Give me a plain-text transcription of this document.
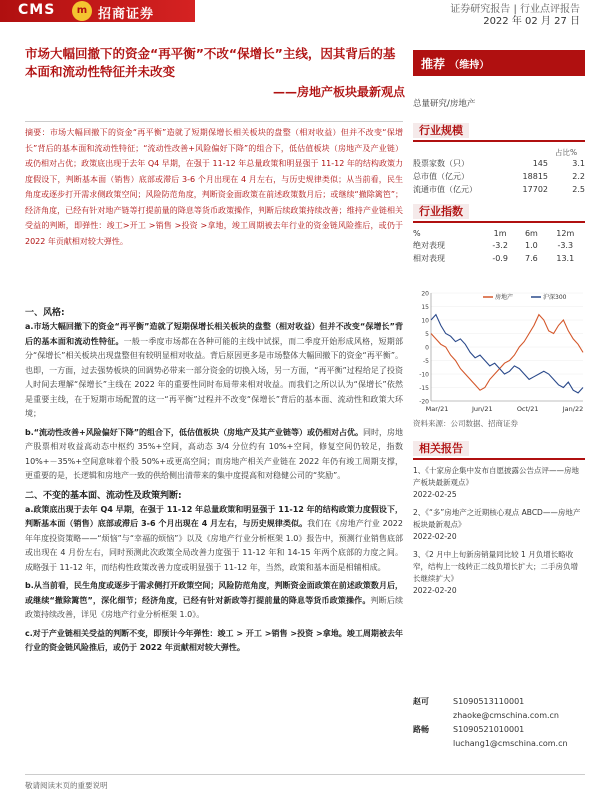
CMS	m 招商证券	证券研究报告 | 行业点评报告
2022 年 02 月 27 日
市场大幅回撤下的资金“再平衡”不改“保增长”主线，因其背后的基本面和流动性特征并未改变
——房地产板块最新观点
推荐 （维持）
总量研究/房地产

摘要：市场大幅回撤下的资金“再平衡”造就了短期保增长相关板块的盘整（相对收益）但并不改变“保增长”背后的基本面和流动性特征；“流动性改善+风险偏好下降”的组合下，低估值板块（房地产及产业链）或仍相对占优；政策底出现于去年 Q4 早期，在强于 11-12 年总量政策和明显强于 11-12 年的结构政策力度假设下，判断基本面（销售）底部或滞后 3-6 个月出现在 4 月左右，与历史规律类似；从当前看，民生角度或逐步打开需求侧政策空间；风险防范角度，判断资金面政策在前述政策数月后；或继续“撤除篱笆”；经济角度，已经有针对地产链等打提前量的降息等货币政策操作，判断后续政策持续改善；维持产业链相关受益的判断，即弹性：竣工>开工 >销售 >投资 >拿地，竣工周期被去年行业的资金链风险推后，或仍于 2022 年贡献相对较大弹性。

一、风格:

a.市场大幅回撤下的资金“再平衡”造就了短期保增长相关板块的盘整（相对收益）但并不改变“保增长”背后的基本面和流动性特征。一般一季度市场都在各种可能的主线中试探，而二季度开始形成风格，短期部分“保增长”相关板块出现盘整但有较明显相对收益。背后原因更多是市场整体大幅回撤下的资金“再平衡”。也即，一方面，过去强势板块的回调势必带来一部分资金的切换入场，另一方面，“再平衡”过程给足了投资人时间去理解“保增长”主线在 2022 年的重要性同时布局带来相对收益。而我们之所以认为“保增长”依然是重要主线，在于短期市场配置的这一“再平衡”过程并不改变“保增长”背后的基本面、流动性和政策大环境；

b.“流动性改善+风险偏好下降”的组合下，低估值板块（房地产及其产业链等）或仍相对占优。同时，房地产股票相对收益高动态中枢约 35%+空间，高动态 3/4 分位约有 10%+空间，修复空间仍较足，指数 10%+－35%+空间意味着个股 50%+或更高空间；而房地产相关产业链在 2022 年仍有竣工周期支撑，更重要的是，长逻辑和房地产一致的供给侧出清带来的集中度提高和对稳健公司的“奖励”。

二、不变的基本面、流动性及政策判断:

a.政策底出现于去年 Q4 早期，在强于 11-12 年总量政策和明显强于 11-12 年的结构政策力度假设下，判断基本面（销售）底部或滞后 3-6 个月出现在 4 月左右，与历史规律类似。我们在《房地产行业 2022 年年度投资策略——“烦恼”与“幸福的烦恼”》以及《房地产行业分析框架 1.0》报告中，预测行业销售底部或出现在 4 月份左右，同时预测此次政策全局改善力度强于 11-12 年和 14-15 年两个底部的力度之间。成略强于 11-12 年，而结构性政策改善力度或明显强于 11-12 年，当然，政策和基本面是相辅相成。

b.从当前看，民生角度或逐步于需求侧打开政策空间；风险防范角度，判断资金面政策在前述政策数月后，或继续“撤除篱笆”，深化细节；经济角度，已经有针对新政等打提前量的降息等货币政策操作。判断后续政策持续改善，详见《房地产行业分析框架 1.0》。

c.对于产业链相关受益的判断不变，即预计今年弹性：竣工 > 开工 >销售 >投资 >拿地。竣工周期被去年行业的资金链风险推后，或仍于 2022 年贡献相对较大弹性。

行业规模
占比%
股票家数（只）	145	3.1
总市值（亿元）	18815	2.2
流通市值（亿元）	17702	2.5
行业指数
%	1m	6m	12m
绝对表现	-3.2	1.0	-3.3
相对表现	-0.9	7.6	13.1
20
15
10
5
0
-5
-10
-15
-20
Mar/21	Jun/21	Oct/21	Jan/22
房地产	沪深300
资料来源：公司数据、招商证券
相关报告
1、《十家房企集中发布自愿披露公告点评——房地产板块最新观点》
2022-02-25
2、《“多”房地产之近期核心观点 ABCD——房地产板块最新观点》
2022-02-20
3、《2 月中上旬新房销量同比较 1 月负增长略收窄，结构上一线转正二线负增长扩大；二手房负增长继续扩大》
2022-02-20
赵可	S1090513110001
zhaoke@cmschina.com.cn
路畅	S1090521010001
luchang1@cmschina.com.cn
敬请阅读末页的重要说明
